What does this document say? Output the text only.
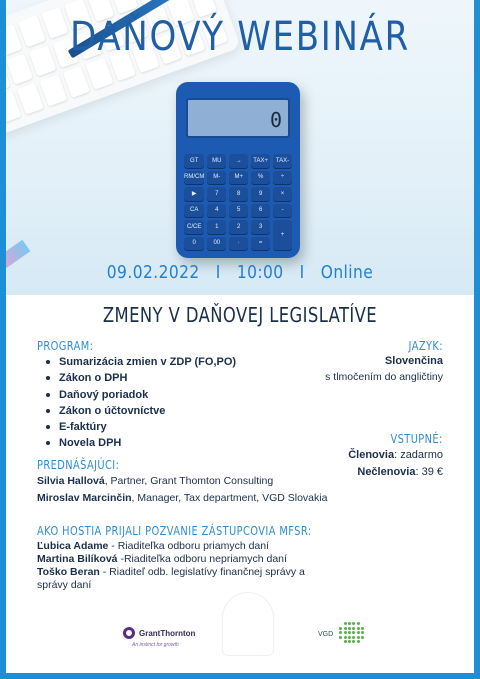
DAŇOVÝ WEBINÁR
0
GT	MU	→	TAX+	TAX-
RM/CM	M-	M+	%	÷
▶	7	8	9	×
CA	4	5	6	-
C/CE	1	2	3
+
0	00	·	=
09.02.2022 I 10:00 I Online
ZMENY V DAŇOVEJ LEGISLATÍVE
PROGRAM:
Sumarizácia zmien v ZDP (FO,PO)
Zákon o DPH
Daňový poriadok
Zákon o účtovníctve
E-faktúry
Novela DPH
JAZYK:
Slovenčina
s tlmočením do angličtiny
VSTUPNÉ:
Členovia: zadarmo
Nečlenovia: 39 €
PREDNÁŠAJÚCI:
Silvia Hallová, Partner, Grant Thomton Consulting
Miroslav Marcinčin, Manager, Tax department, VGD Slovakia
AKO HOSTIA PRIJALI POZVANIE ZÁSTUPCOVIA MFSR:
Ľubica Adame - Riaditeľka odboru priamych daní
Martina Bilíková -Riaditeľka odboru nepriamych daní
Toško Beran - Riaditeľ odb. legislatívy finančnej správy a správy daní
GrantThornton
An instinct for growth
VGD
